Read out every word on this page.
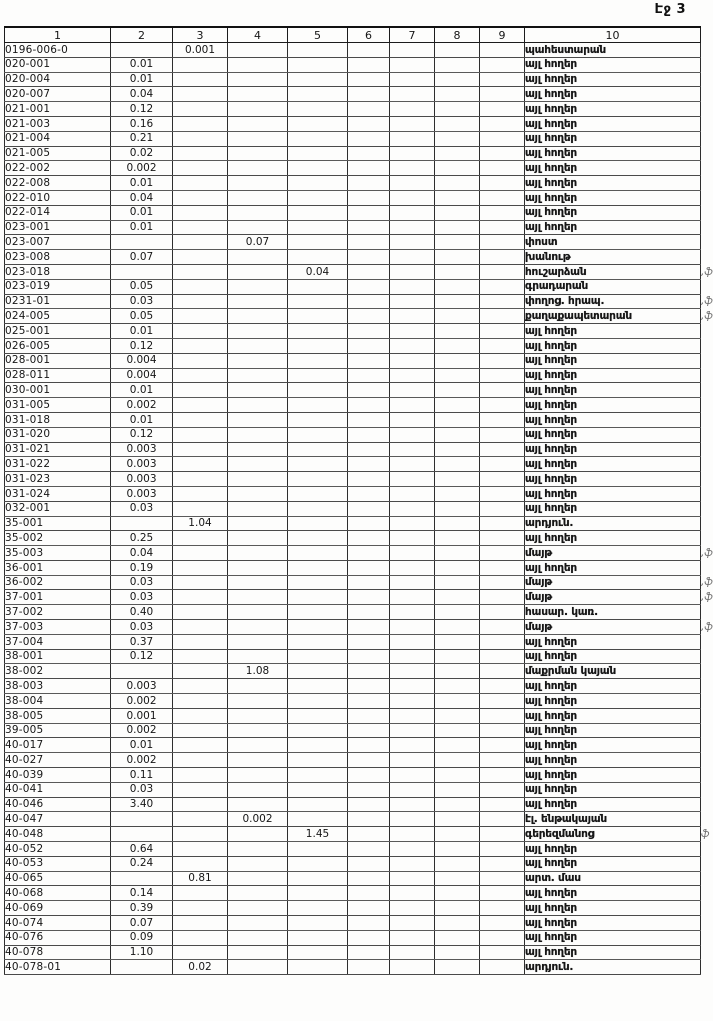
Էջ 3
1	2	3	4	5	6	7	8	9	10	
0196-006-0		0.001							պահեստարան	
020-001	0.01								այլ հողեր	
020-004	0.01								այլ հողեր	
020-007	0.04								այլ հողեր	
021-001	0.12								այլ հողեր	
021-003	0.16								այլ հողեր	
021-004	0.21								այլ հողեր	
021-005	0.02								այլ հողեր	
022-002	0.002								այլ հողեր	
022-008	0.01								այլ հողեր	
022-010	0.04								այլ հողեր	
022-014	0.01								այլ հողեր	
023-001	0.01								այլ հողեր	
023-007			0.07						փոստ	
023-008	0.07								խանութ	
023-018				0.04					հուշարձան	,ֆ
023-019	0.05								գրադարան	
0231-01	0.03								փողոց. հրապ.	,ֆ
024-005	0.05								քաղաքապետարան	,ֆ
025-001	0.01								այլ հողեր	
026-005	0.12								այլ հողեր	
028-001	0.004								այլ հողեր	
028-011	0.004								այլ հողեր	
030-001	0.01								այլ հողեր	
031-005	0.002								այլ հողեր	
031-018	0.01								այլ հողեր	
031-020	0.12								այլ հողեր	
031-021	0.003								այլ հողեր	
031-022	0.003								այլ հողեր	
031-023	0.003								այլ հողեր	
031-024	0.003								այլ հողեր	
032-001	0.03								այլ հողեր	
35-001		1.04							արդյուն.	
35-002	0.25								այլ հողեր	
35-003	0.04								մայթ	,ֆ
36-001	0.19								այլ հողեր	
36-002	0.03								մայթ	,ֆ
37-001	0.03								մայթ	,ֆ
37-002	0.40								հասար. կառ.	
37-003	0.03								մայթ	,ֆ
37-004	0.37								այլ հողեր	
38-001	0.12								այլ հողեր	
38-002			1.08						մաքրման կայան	
38-003	0.003								այլ հողեր	
38-004	0.002								այլ հողեր	
38-005	0.001								այլ հողեր	
39-005	0.002								այլ հողեր	
40-017	0.01								այլ հողեր	
40-027	0.002								այլ հողեր	
40-039	0.11								այլ հողեր	
40-041	0.03								այլ հողեր	
40-046	3.40								այլ հողեր	
40-047			0.002						էլ. ենթակայան	
40-048				1.45					գերեզմանոց	ֆ
40-052	0.64								այլ հողեր	
40-053	0.24								այլ հողեր	
40-065		0.81							արտ. մաս	
40-068	0.14								այլ հողեր	
40-069	0.39								այլ հողեր	
40-074	0.07								այլ հողեր	
40-076	0.09								այլ հողեր	
40-078	1.10								այլ հողեր	
40-078-01		0.02							արդյուն.	
